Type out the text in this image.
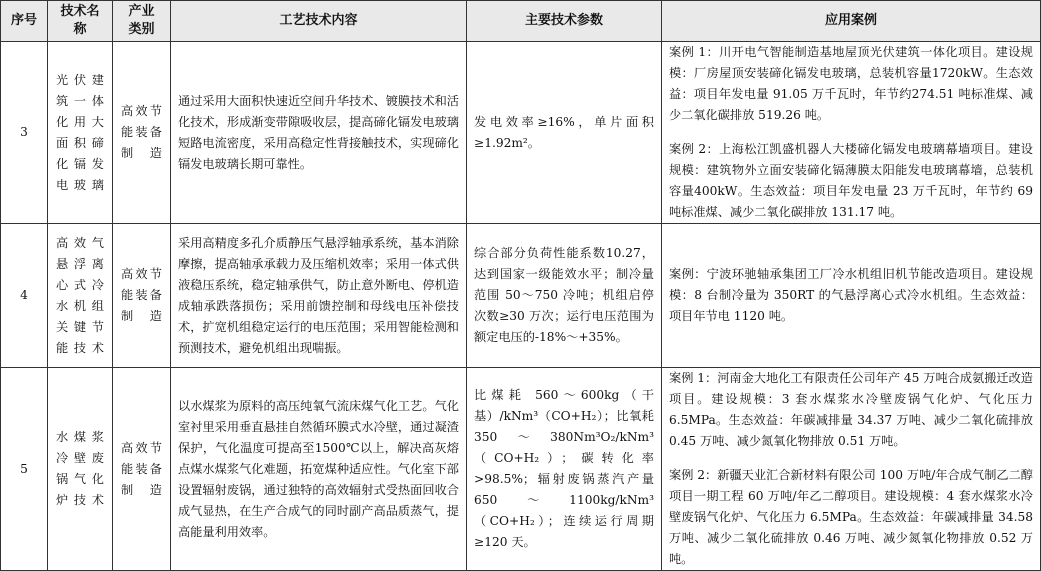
序号	技术名称	产业类别	工艺技术内容	主要技术参数	应用案例
3	光伏建筑一体化用大面积碲化镉发电玻璃	高效节能装备制造	通过采用大面积快速近空间升华技术、镀膜技术和活化技术，形成渐变带隙吸收层，提高碲化镉发电玻璃短路电流密度，采用高稳定性背接触技术，实现碲化镉发电玻璃长期可靠性。	发电效率≥16%，单片面积≥1.92m²。	案例 1：川开电气智能制造基地屋顶光伏建筑一体化项目。建设规模：厂房屋顶安装碲化镉发电玻璃，总装机容量1720kW。生态效益：项目年发电量 91.05 万千瓦时，年节约274.51 吨标准煤、减少二氧化碳排放 519.26 吨。
案例 2：上海松江凯盛机器人大楼碲化镉发电玻璃幕墙项目。建设规模：建筑物外立面安装碲化镉薄膜太阳能发电玻璃幕墙，总装机容量400kW。生态效益：项目年发电量 23 万千瓦时，年节约 69 吨标准煤、减少二氧化碳排放 131.17 吨。

4	高效气悬浮离心式冷水机组关键节能技术	高效节能装备制造	采用高精度多孔介质静压气悬浮轴承系统，基本消除摩擦，提高轴承承载力及压缩机效率；采用一体式供液稳压系统，稳定轴承供气，防止意外断电、停机造成轴承跌落损伤；采用前馈控制和母线电压补偿技术，扩宽机组稳定运行的电压范围；采用智能检测和预测技术，避免机组出现喘振。	综合部分负荷性能系数10.27，达到国家一级能效水平；制冷量范围 50～750 冷吨；机组启停次数≥30 万次；运行电压范围为额定电压的-18%～+35%。	案例：宁波环驰轴承集团工厂冷水机组旧机节能改造项目。建设规模：8 台制冷量为 350RT 的气悬浮离心式冷水机组。生态效益：项目年节电 1120 吨。

5	水煤浆冷壁废锅气化炉技术	高效节能装备制造	以水煤浆为原料的高压纯氧气流床煤气化工艺。气化室衬里采用垂直悬挂自然循环膜式水冷壁，通过凝渣保护，气化温度可提高至1500℃以上，解决高灰熔点煤水煤浆气化难题，拓宽煤种适应性。气化室下部设置辐射废锅，通过独特的高效辐射式受热面回收合成气显热，在生产合成气的同时副产高品质蒸气，提高能量利用效率。	比煤耗 560～600kg（干基）/kNm³（CO+H₂）；比氧耗 350～380Nm³O₂/kNm³（CO+H₂）；碳转化率>98.5%；辐射废锅蒸汽产量 650～1100kg/kNm³（CO+H₂）；连续运行周期≥120 天。	案例 1：河南金大地化工有限责任公司年产 45 万吨合成氨搬迁改造项目。建设规模：3 套水煤浆水冷壁废锅气化炉、气化压力 6.5MPa。生态效益：年碳减排量 34.37 万吨、减少二氧化硫排放 0.45 万吨、减少氮氧化物排放 0.51 万吨。
案例 2：新疆天业汇合新材料有限公司 100 万吨/年合成气制乙二醇项目一期工程 60 万吨/年乙二醇项目。建设规模：4 套水煤浆水冷壁废锅气化炉、气化压力 6.5MPa。生态效益：年碳减排量 34.58 万吨、减少二氧化硫排放 0.46 万吨、减少氮氧化物排放 0.52 万吨。
